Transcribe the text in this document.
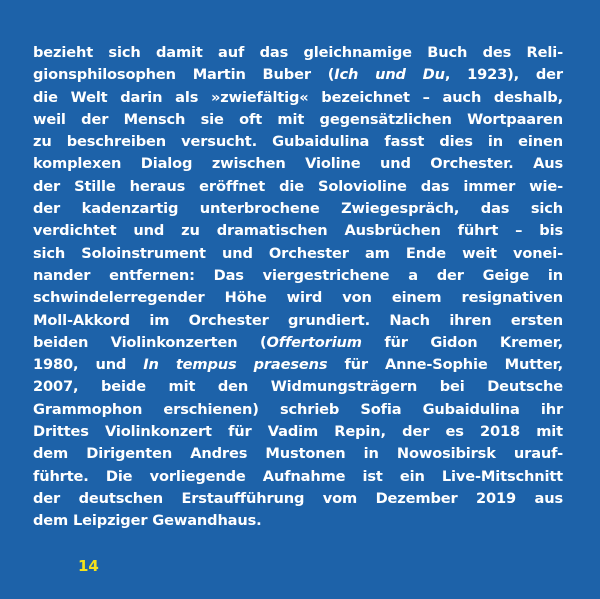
bezieht sich damit auf das gleichnamige Buch des Reli-
gionsphilosophen Martin Buber (Ich und Du, 1923), der
die Welt darin als »zwiefältig« bezeichnet – auch deshalb,
weil der Mensch sie oft mit gegensätzlichen Wortpaaren
zu beschreiben versucht. Gubaidulina fasst dies in einen
komplexen Dialog zwischen Violine und Orchester. Aus
der Stille heraus eröffnet die Solovioline das immer wie-
der kadenzartig unterbrochene Zwiegespräch, das sich
verdichtet und zu dramatischen Ausbrüchen führt – bis
sich Soloinstrument und Orchester am Ende weit vonei-
nander entfernen: Das viergestrichene a der Geige in
schwindelerregender Höhe wird von einem resignativen
Moll-Akkord im Orchester grundiert. Nach ihren ersten
beiden Violinkonzerten (Offertorium für Gidon Kremer,
1980, und In tempus praesens für Anne-Sophie Mutter,
2007, beide mit den Widmungsträgern bei Deutsche
Grammophon erschienen) schrieb Sofia Gubaidulina ihr
Drittes Violinkonzert für Vadim Repin, der es 2018 mit
dem Dirigenten Andres Mustonen in Nowosibirsk urauf-
führte. Die vorliegende Aufnahme ist ein Live-Mitschnitt
der deutschen Erstaufführung vom Dezember 2019 aus
dem Leipziger Gewandhaus.
14
